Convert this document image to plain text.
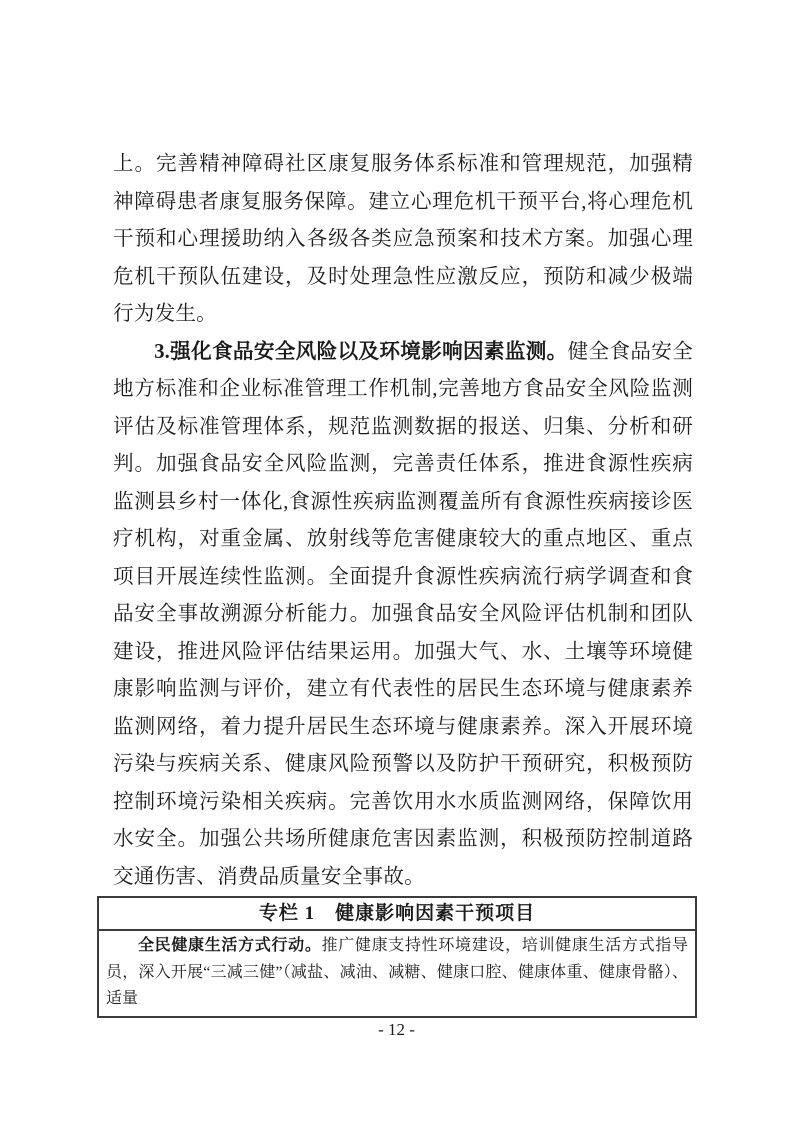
上。完善精神障碍社区康复服务体系标准和管理规范，加强精神障碍患者康复服务保障。建立心理危机干预平台,将心理危机干预和心理援助纳入各级各类应急预案和技术方案。加强心理危机干预队伍建设，及时处理急性应激反应，预防和减少极端行为发生。

3.强化食品安全风险以及环境影响因素监测。健全食品安全地方标准和企业标准管理工作机制,完善地方食品安全风险监测评估及标准管理体系，规范监测数据的报送、归集、分析和研判。加强食品安全风险监测，完善责任体系，推进食源性疾病监测县乡村一体化,食源性疾病监测覆盖所有食源性疾病接诊医疗机构，对重金属、放射线等危害健康较大的重点地区、重点项目开展连续性监测。全面提升食源性疾病流行病学调查和食品安全事故溯源分析能力。加强食品安全风险评估机制和团队建设，推进风险评估结果运用。加强大气、水、土壤等环境健康影响监测与评价，建立有代表性的居民生态环境与健康素养监测网络，着力提升居民生态环境与健康素养。深入开展环境污染与疾病关系、健康风险预警以及防护干预研究，积极预防控制环境污染相关疾病。完善饮用水水质监测网络，保障饮用水安全。加强公共场所健康危害因素监测，积极预防控制道路交通伤害、消费品质量安全事故。

专栏 1　健康影响因素干预项目
全民健康生活方式行动。推广健康支持性环境建设，培训健康生活方式指导员，深入开展“三减三健”（减盐、减油、减糖、健康口腔、健康体重、健康骨骼）、适量
- 12 -
